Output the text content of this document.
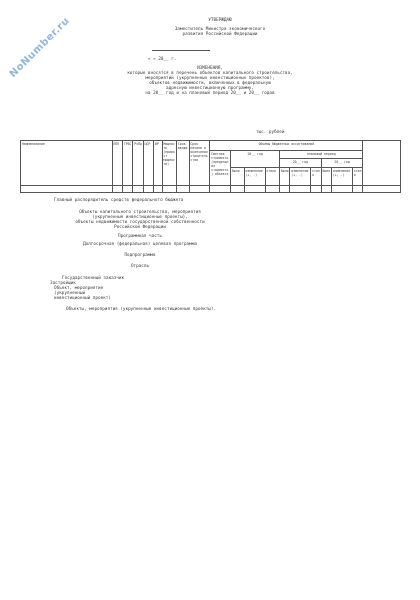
NoNumber.ru	УТВЕРЖДАЮ
Заместитель Министра экономического
развития Российской Федерации
« » 20__ г.
ИЗМЕНЕНИЯ,
которые вносятся в перечень объектов капитального строительства,
мероприятий (укрупненных инвестиционных проектов),
объектов недвижимости, включенных в федеральную
адресную инвестиционную программу,
на 20__ год и на плановый период 20__ и 20__ годов
тыс. рублей
Наименование	ППП	ГРБС	РзПр	ЦСР	ВР	Мощность (прирост мощности)	Срок ввода	Срок начала и окончания строительства	Объемы бюджетных ассигнований										
									Сметная стоимость (предельная стоимость) объекта	20__ год			плановый период						
													20__ год			20__ год			
										было	изменение (+, -)	стало	было	изменение (+, -)	стало	было	изменение (+, -)	стало	

Главный распорядитель средств федерального бюджета
Объекты капитального строительства, мероприятия
(укрупненные инвестиционные проекты),
объекты недвижимости государственной собственности
Российской Федерации
Программная часть
Долгосрочная (федеральная) целевая программа
Подпрограмма
Отрасль
Государственный заказчик
Застройщик
Объект, мероприятие
(укрупненный
инвестиционный проект)
Объекты, мероприятия (укрупненные инвестиционные проекты).
